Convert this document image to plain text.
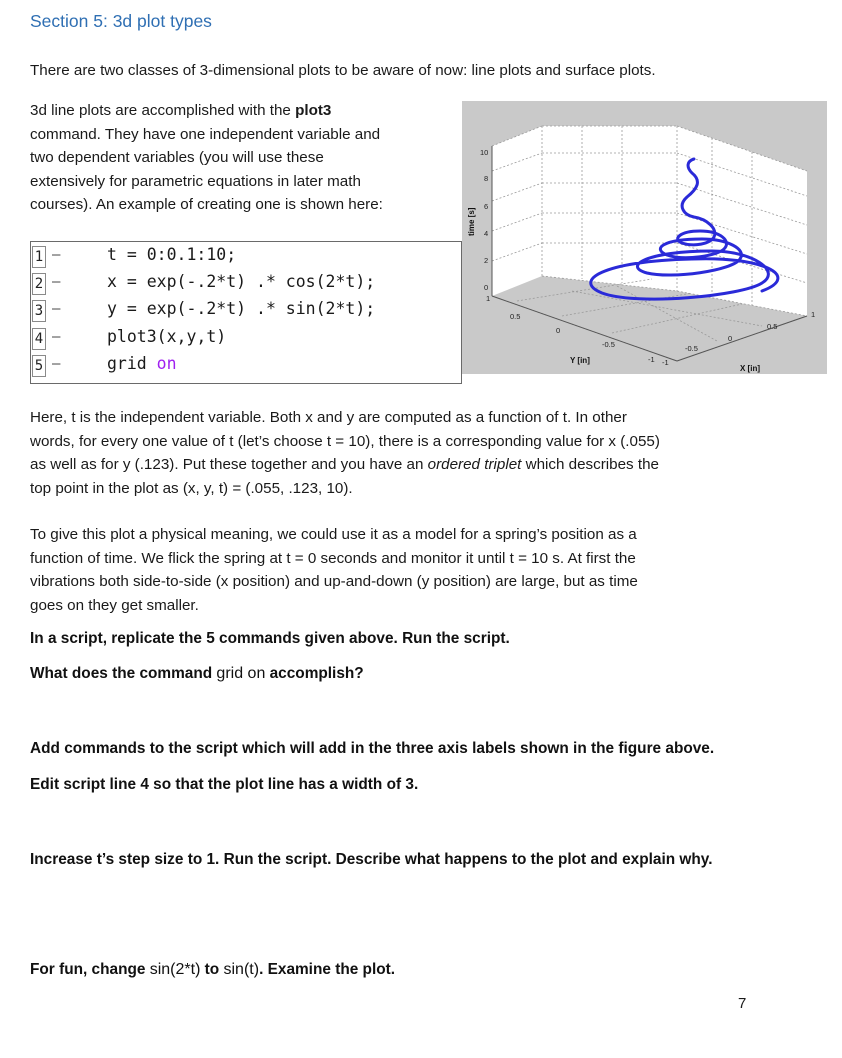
Section 5: 3d plot types
There are two classes of 3-dimensional plots to be aware of now: line plots and surface plots.
3d line plots are accomplished with the plot3
command. They have one independent variable and
two dependent variables (you will use these
extensively for parametric equations in later math
courses). An example of creating one is shown here:
1
2
3
4
5
–
–
–
–
–
t = 0:0.1:10;
x = exp(-.2*t) .* cos(2*t);
y = exp(-.2*t) .* sin(2*t);
plot3(x,y,t)
grid on
10
8
6
4
2
0
1
0.5
0
-0.5
-1 -1
-0.5
0
0.5
1
time [s]
Y [in]
X [in]
Here, t is the independent variable. Both x and y are computed as a function of t. In other
words, for every one value of t (let’s choose t = 10), there is a corresponding value for x (.055)
as well as for y (.123). Put these together and you have an ordered triplet which describes the
top point in the plot as (x, y, t) = (.055, .123, 10).
To give this plot a physical meaning, we could use it as a model for a spring’s position as a
function of time. We flick the spring at t = 0 seconds and monitor it until t = 10 s. At first the
vibrations both side-to-side (x position) and up-and-down (y position) are large, but as time
goes on they get smaller.
In a script, replicate the 5 commands given above. Run the script.
What does the command grid on accomplish?
Add commands to the script which will add in the three axis labels shown in the figure above.
Edit script line 4 so that the plot line has a width of 3.
Increase t’s step size to 1. Run the script. Describe what happens to the plot and explain why.
For fun, change sin(2*t) to sin(t). Examine the plot.
7
